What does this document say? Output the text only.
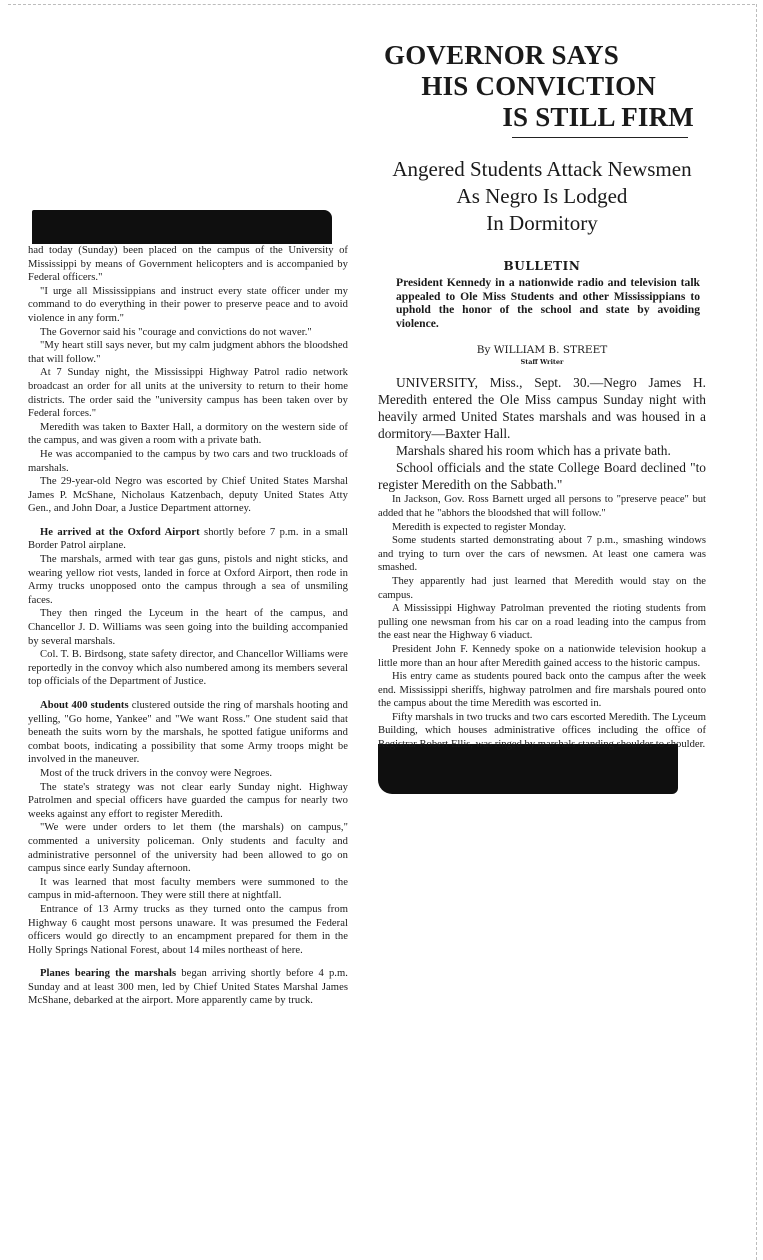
had today (Sunday) been placed on the campus of the University of Mississippi by means of Government helicopters and is accompanied by Federal officers."

"I urge all Mississippians and instruct every state officer under my command to do everything in their power to preserve peace and to avoid violence in any form."

The Governor said his "courage and convictions do not waver."

"My heart still says never, but my calm judgment abhors the bloodshed that will follow."

At 7 Sunday night, the Mississippi Highway Patrol radio network broadcast an order for all units at the university to return to their home districts. The order said the "university campus has been taken over by Federal forces."

Meredith was taken to Baxter Hall, a dormitory on the western side of the campus, and was given a room with a private bath.

He was accompanied to the campus by two cars and two truckloads of marshals.

The 29-year-old Negro was escorted by Chief United States Marshal James P. McShane, Nicholaus Katzenbach, deputy United States Atty Gen., and John Doar, a Justice Department attorney.

He arrived at the Oxford Airport shortly before 7 p.m. in a small Border Patrol airplane.

The marshals, armed with tear gas guns, pistols and night sticks, and wearing yellow riot vests, landed in force at Oxford Airport, then rode in Army trucks unopposed onto the campus through a sea of unsmiling faces.

They then ringed the Lyceum in the heart of the campus, and Chancellor J. D. Williams was seen going into the building accompanied by several marshals.

Col. T. B. Birdsong, state safety director, and Chancellor Williams were reportedly in the convoy which also numbered among its members several top officials of the Department of Justice.

About 400 students clustered outside the ring of marshals hooting and yelling, "Go home, Yankee" and "We want Ross." One student said that beneath the suits worn by the marshals, he spotted fatigue uniforms and combat boots, indicating a possibility that some Army troops might be involved in the maneuver.

Most of the truck drivers in the convoy were Negroes.

The state's strategy was not clear early Sunday night. Highway Patrolmen and special officers have guarded the campus for nearly two weeks against any effort to register Meredith.

"We were under orders to let them (the marshals) on campus," commented a university policeman. Only students and faculty and administrative personnel of the university had been allowed to go on campus since early Sunday afternoon.

It was learned that most faculty members were summoned to the campus in mid-afternoon. They were still there at nightfall.

Entrance of 13 Army trucks as they turned onto the campus from Highway 6 caught most persons unaware. It was presumed the Federal officers would go directly to an encampment prepared for them in the Holly Springs National Forest, about 14 miles northeast of here.

Planes bearing the marshals began arriving shortly before 4 p.m. Sunday and at least 300 men, led by Chief United States Marshal James McShane, debarked at the airport. More apparently came by truck.

GOVERNOR SAYS
HIS CONVICTION
IS STILL FIRM
Angered Students Attack Newsmen
As Negro Is Lodged
In Dormitory
BULLETIN
President Kennedy in a nationwide radio and television talk appealed to Ole Miss Students and other Mississippians to uphold the honor of the school and state by avoiding violence.
By WILLIAM B. STREET
Staff Writer

UNIVERSITY, Miss., Sept. 30.—Negro James H. Meredith entered the Ole Miss campus Sunday night with heavily armed United States marshals and was housed in a dormitory—Baxter Hall.

Marshals shared his room which has a private bath.

School officials and the state College Board declined "to register Meredith on the Sabbath."

In Jackson, Gov. Ross Barnett urged all persons to "preserve peace" but added that he "abhors the bloodshed that will follow."

Meredith is expected to register Monday.

Some students started demonstrating about 7 p.m., smashing windows and trying to turn over the cars of newsmen. At least one camera was smashed.

They apparently had just learned that Meredith would stay on the campus.

A Mississippi Highway Patrolman prevented the rioting students from pulling one newsman from his car on a road leading into the campus from the east near the Highway 6 viaduct.

President John F. Kennedy spoke on a nationwide television hookup a little more than an hour after Meredith gained access to the historic campus.

His entry came as students poured back onto the campus after the week end. Mississippi sheriffs, highway patrolmen and fire marshals poured onto the campus about the time Meredith was escorted in.

Fifty marshals in two trucks and two cars escorted Meredith. The Lyceum Building, which houses administrative offices including the office of Registrar Robert Ellis, was ringed by marshals standing shoulder to shoulder.
